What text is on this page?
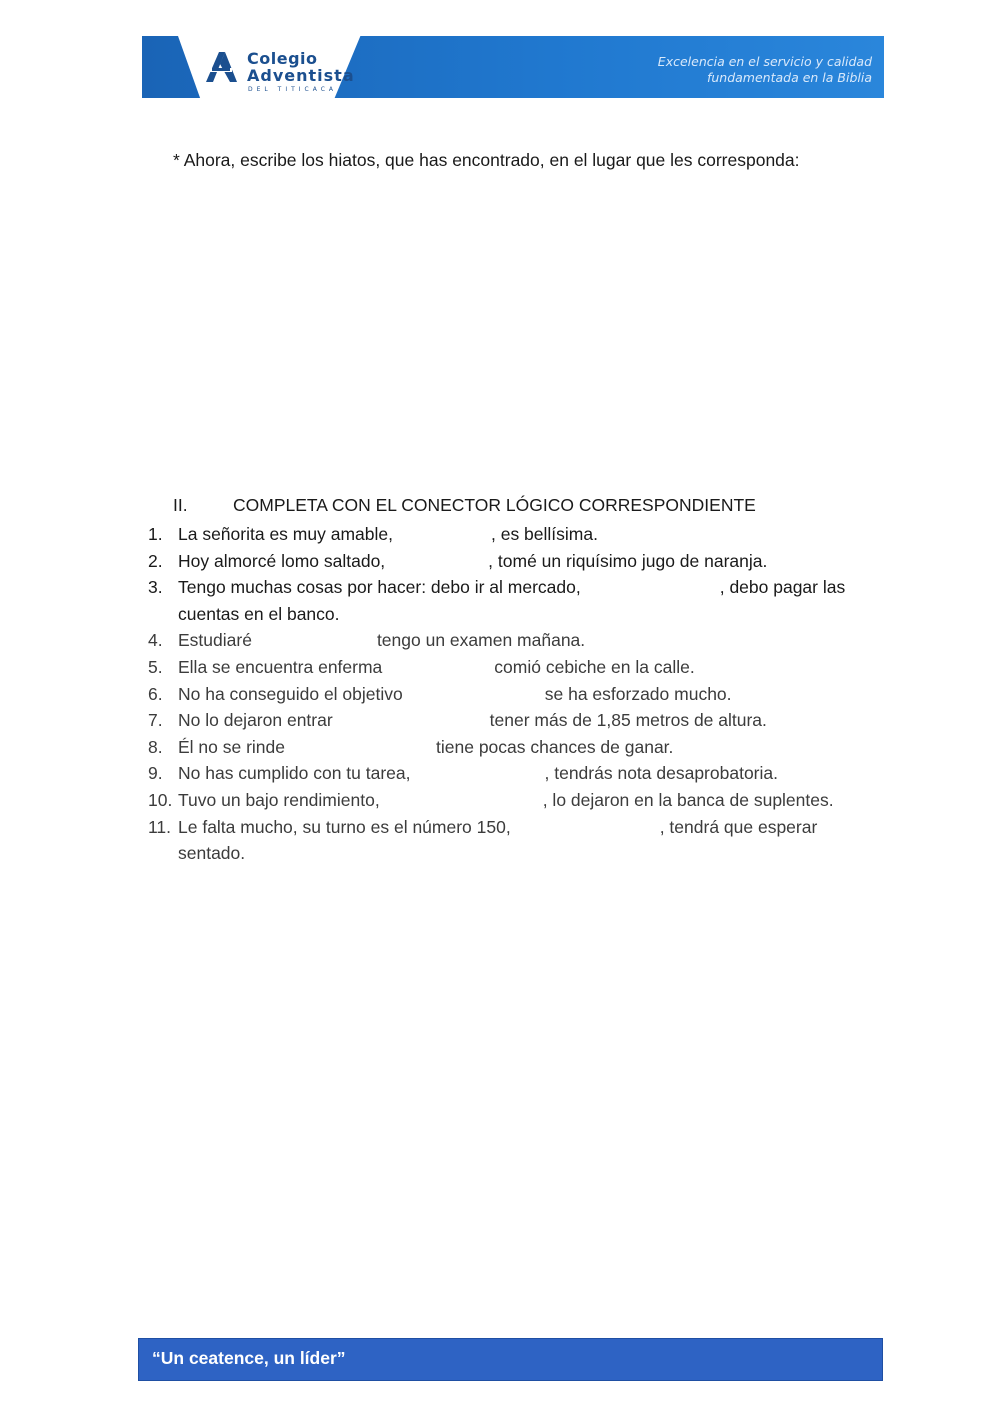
Colegio
Adventista
DEL TITICACA
Excelencia en el servicio y calidad
fundamentada en la Biblia
* Ahora, escribe los hiatos, que has encontrado, en el lugar que les corresponda:
II.	COMPLETA CON EL CONECTOR LÓGICO CORRESPONDIENTE
1. La señorita es muy amable,	, es bellísima.
2. Hoy almorcé lomo saltado,	, tomé un riquísimo jugo de naranja.
3. Tengo muchas cosas por hacer: debo ir al mercado,	, debo pagar las
cuentas en el banco.
4. Estudiaré	tengo un examen mañana.
5. Ella se encuentra enferma	comió cebiche en la calle.
6. No ha conseguido el objetivo	se ha esforzado mucho.
7. No lo dejaron entrar	tener más de 1,85 metros de altura.
8. Él no se rinde	tiene pocas chances de ganar.
9. No has cumplido con tu tarea,	, tendrás nota desaprobatoria.
10. Tuvo un bajo rendimiento,	, lo dejaron en la banca de suplentes.
11. Le falta mucho, su turno es el número 150,	, tendrá que esperar
sentado.
“Un ceatence, un líder”
